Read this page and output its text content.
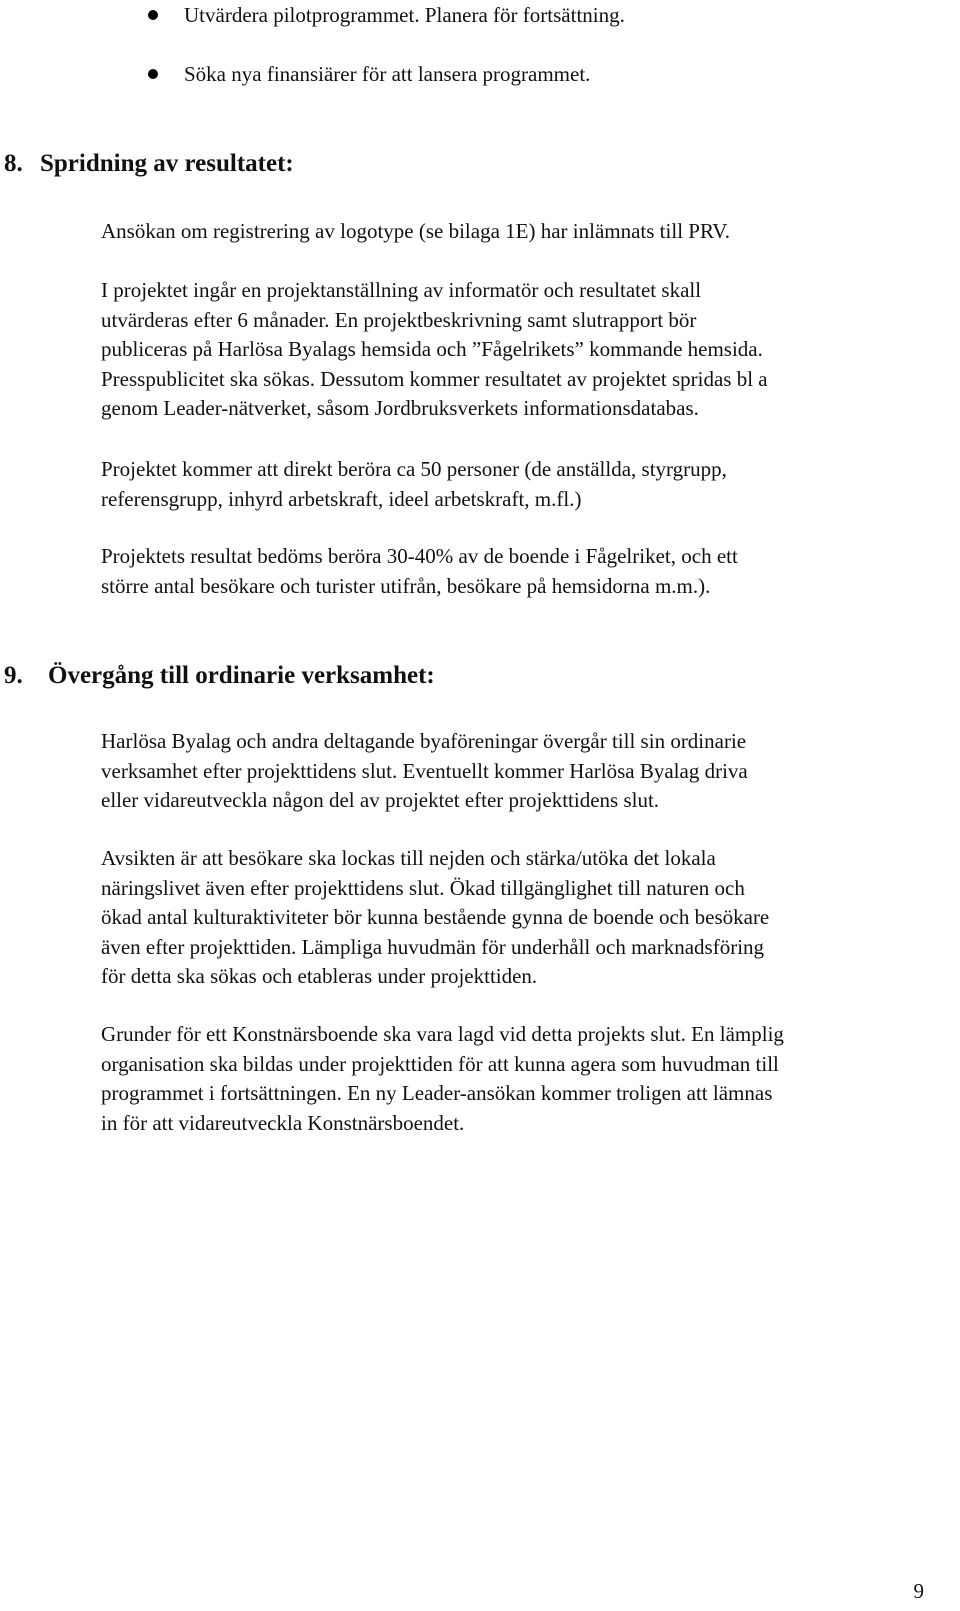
Utvärdera pilotprogrammet. Planera för fortsättning.
Söka nya finansiärer för att lansera programmet.
8. Spridning av resultatet:
Ansökan om registrering av logotype (se bilaga 1E) har inlämnats till PRV.
I projektet ingår en projektanställning av informatör och resultatet skall
utvärderas efter 6 månader. En projektbeskrivning samt slutrapport bör
publiceras på Harlösa Byalags hemsida och ”Fågelrikets” kommande hemsida.
Presspublicitet ska sökas. Dessutom kommer resultatet av projektet spridas bl a
genom Leader-nätverket, såsom Jordbruksverkets informationsdatabas.
Projektet kommer att direkt beröra ca 50 personer (de anställda, styrgrupp,
referensgrupp, inhyrd arbetskraft, ideel arbetskraft, m.fl.)
Projektets resultat bedöms beröra 30-40% av de boende i Fågelriket, och ett
större antal besökare och turister utifrån, besökare på hemsidorna m.m.).
9. Övergång till ordinarie verksamhet:
Harlösa Byalag och andra deltagande byaföreningar övergår till sin ordinarie
verksamhet efter projekttidens slut. Eventuellt kommer Harlösa Byalag driva
eller vidareutveckla någon del av projektet efter projekttidens slut.
Avsikten är att besökare ska lockas till nejden och stärka/utöka det lokala
näringslivet även efter projekttidens slut. Ökad tillgänglighet till naturen och
ökad antal kulturaktiviteter bör kunna bestående gynna de boende och besökare
även efter projekttiden. Lämpliga huvudmän för underhåll och marknadsföring
för detta ska sökas och etableras under projekttiden.
Grunder för ett Konstnärsboende ska vara lagd vid detta projekts slut. En lämplig
organisation ska bildas under projekttiden för att kunna agera som huvudman till
programmet i fortsättningen. En ny Leader-ansökan kommer troligen att lämnas
in för att vidareutveckla Konstnärsboendet.
9
